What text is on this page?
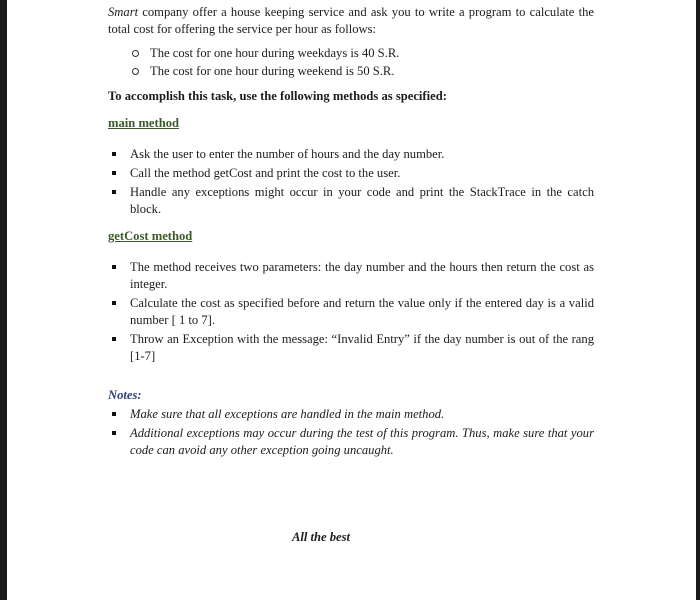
Smart company offer a house keeping service and ask you to write a program to calculate the total cost for offering the service per hour as follows:

The cost for one hour during weekdays is 40 S.R.
The cost for one hour during weekend is 50 S.R.

To accomplish this task, use the following methods as specified:

main method
Ask the user to enter the number of hours and the day number.
Call the method getCost and print the cost to the user.
Handle any exceptions might occur in your code and print the StackTrace in the catch block.
getCost method
The method receives two parameters: the day number and the hours then return the cost as integer.
Calculate the cost as specified before and return the value only if the entered day is a valid number [ 1 to 7].
Throw an Exception with the message: “Invalid Entry” if the day number is out of the rang [1-7]

Notes:

Make sure that all exceptions are handled in the main method.
Additional exceptions may occur during the test of this program. Thus, make sure that your code can avoid any other exception going uncaught.

All the best
